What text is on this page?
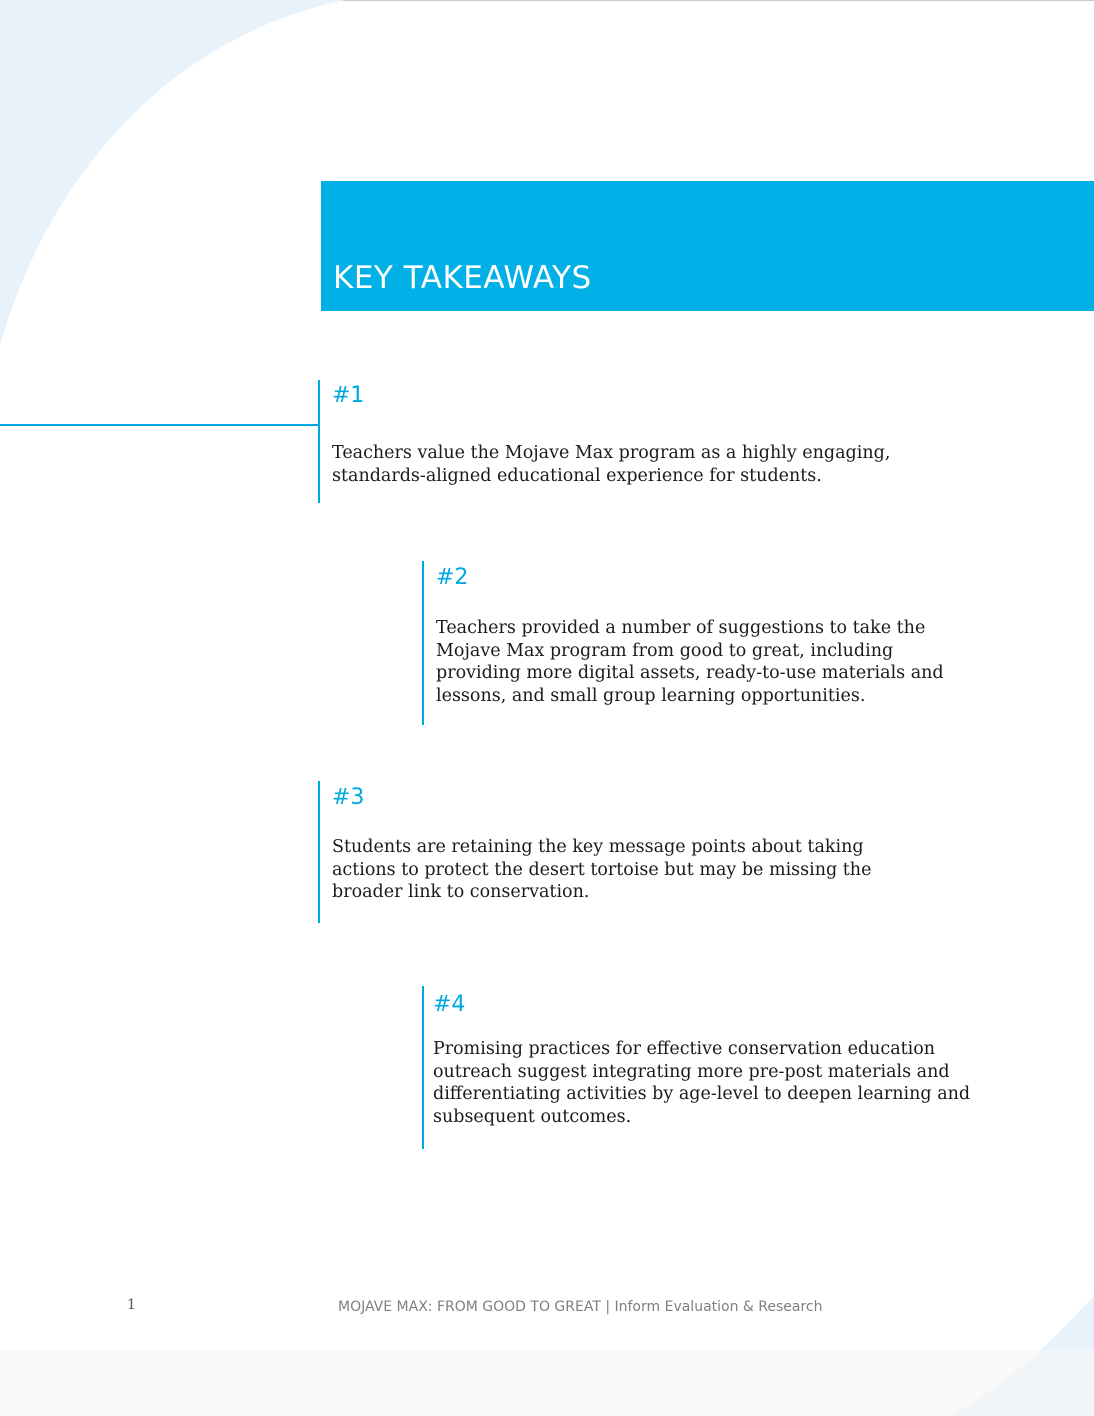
KEY TAKEAWAYS

#1

Teachers value the Mojave Max program as a highly engaging, standards-aligned educational experience for students.

#2

Teachers provided a number of suggestions to take the Mojave Max program from good to great, including providing more digital assets, ready-to-use materials and lessons, and small group learning opportunities.

#3

Students are retaining the key message points about taking actions to protect the desert tortoise but may be missing the broader link to conservation.

#4

Promising practices for effective conservation education outreach suggest integrating more pre-post materials and differentiating activities by age-level to deepen learning and subsequent outcomes.

1	MOJAVE MAX: FROM GOOD TO GREAT | Inform Evaluation & Research
